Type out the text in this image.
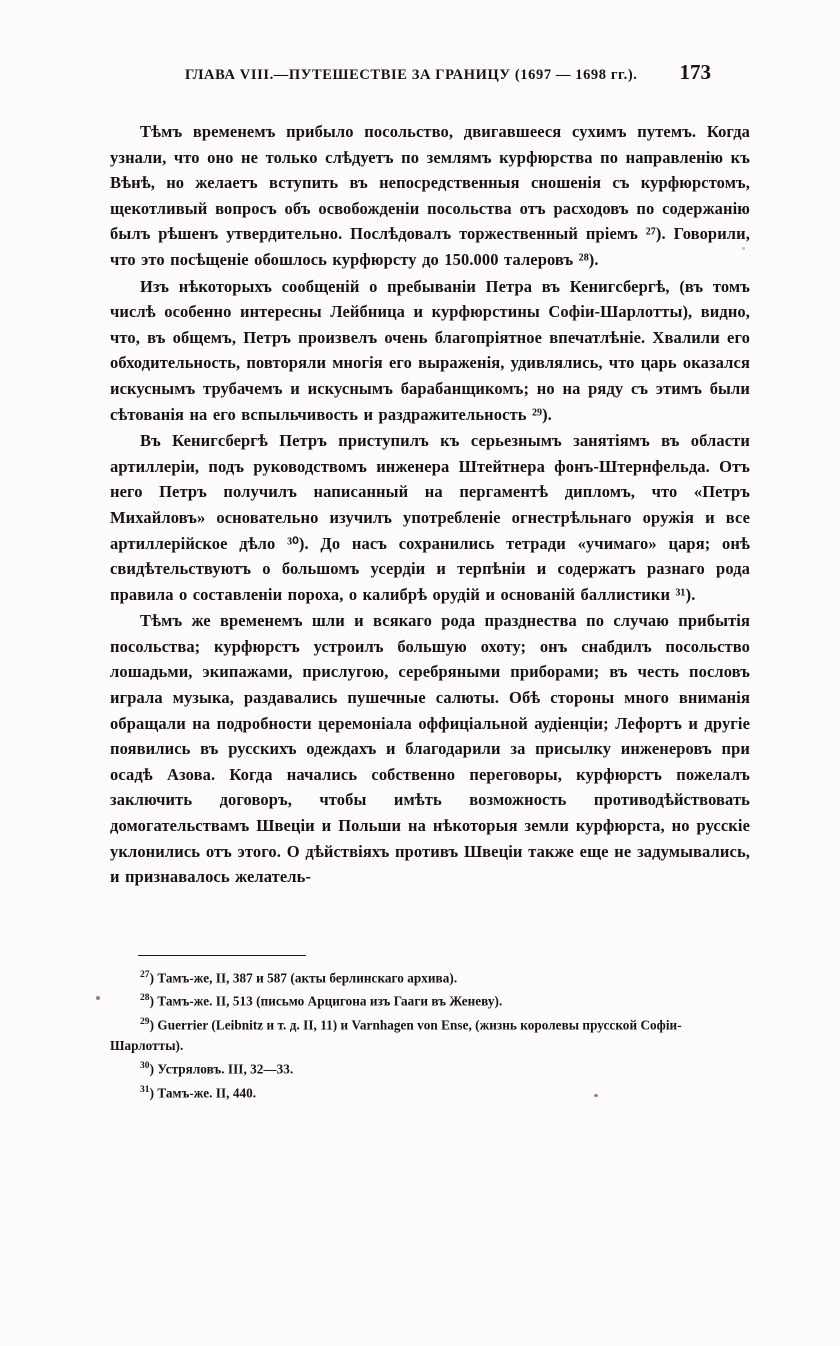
ГЛАВА VIII.—ПУТЕШЕСТВІЕ ЗА ГРАНИЦУ (1697 — 1698 гг.). 173

Тѣмъ временемъ прибыло посольство, двигавшееся сухимъ путемъ. Когда узнали, что оно не только слѣдуетъ по землямъ курфюрства по направленію къ Вѣнѣ, но желаетъ вступить въ непосредственныя сношенія съ курфюрстомъ, щекотливый вопросъ объ освобожденіи посольства отъ расходовъ по содержанію былъ рѣшенъ утвердительно. Послѣдовалъ торжественный пріемъ ²⁷). Говорили, что это посѣщеніе обошлось курфюрсту до 150.000 талеровъ ²⁸).

Изъ нѣкоторыхъ сообщеній о пребываніи Петра въ Кенигсбергѣ, (въ томъ числѣ особенно интересны Лейбница и курфюрстины Софіи-Шарлотты), видно, что, въ общемъ, Петръ произвелъ очень благопріятное впечатлѣніе. Хвалили его обходительность, повторяли многія его выраженія, удивлялись, что царь оказался искуснымъ трубачемъ и искуснымъ барабанщикомъ; но на ряду съ этимъ были сѣтованія на его вспыльчивость и раздражительность ²⁹).

Въ Кенигсбергѣ Петръ приступилъ къ серьезнымъ занятіямъ въ области артиллеріи, подъ руководствомъ инженера Штейтнера фонъ-Штернфельда. Отъ него Петръ получилъ написанный на пергаментѣ дипломъ, что «Петръ Михайловъ» основательно изучилъ употребленіе огнестрѣльнаго оружія и все артиллерійское дѣло ³⁰). До насъ сохранились тетради «учимаго» царя; онѣ свидѣтельствуютъ о большомъ усердіи и терпѣніи и содержатъ разнаго рода правила о составленіи пороха, о калибрѣ орудій и основаній баллистики ³¹).

Тѣмъ же временемъ шли и всякаго рода празднества по случаю прибытія посольства; курфюрстъ устроилъ большую охоту; онъ снабдилъ посольство лошадьми, экипажами, прислугою, серебряными приборами; въ честь пословъ играла музыка, раздавались пушечные салюты. Обѣ стороны много вниманія обращали на подробности церемоніала оффиціальной аудіенціи; Лефортъ и другіе появились въ русскихъ одеждахъ и благодарили за присылку инженеровъ при осадѣ Азова. Когда начались собственно переговоры, курфюрстъ пожелалъ заключить договоръ, чтобы имѣть возможность противодѣйствовать домогательствамъ Швеціи и Польши на нѣкоторыя земли курфюрста, но русскіе уклонились отъ этого. О дѣйствіяхъ противъ Швеціи также еще не задумывались, и признавалось желатель-

$^{27}$) Тамъ-же, II, 387 и 587 (акты берлинскаго архива).

$^{28}$) Тамъ-же. II, 513 (письмо Арцигона изъ Гааги въ Женеву).

$^{29}$) Guerrier (Leibnitz и т. д. II, 11) и Varnhagen von Ense, (жизнь королевы прусской Софіи-Шарлотты).

$^{30}$) Устряловъ. III, 32—33.

$^{31}$) Тамъ-же. II, 440.
